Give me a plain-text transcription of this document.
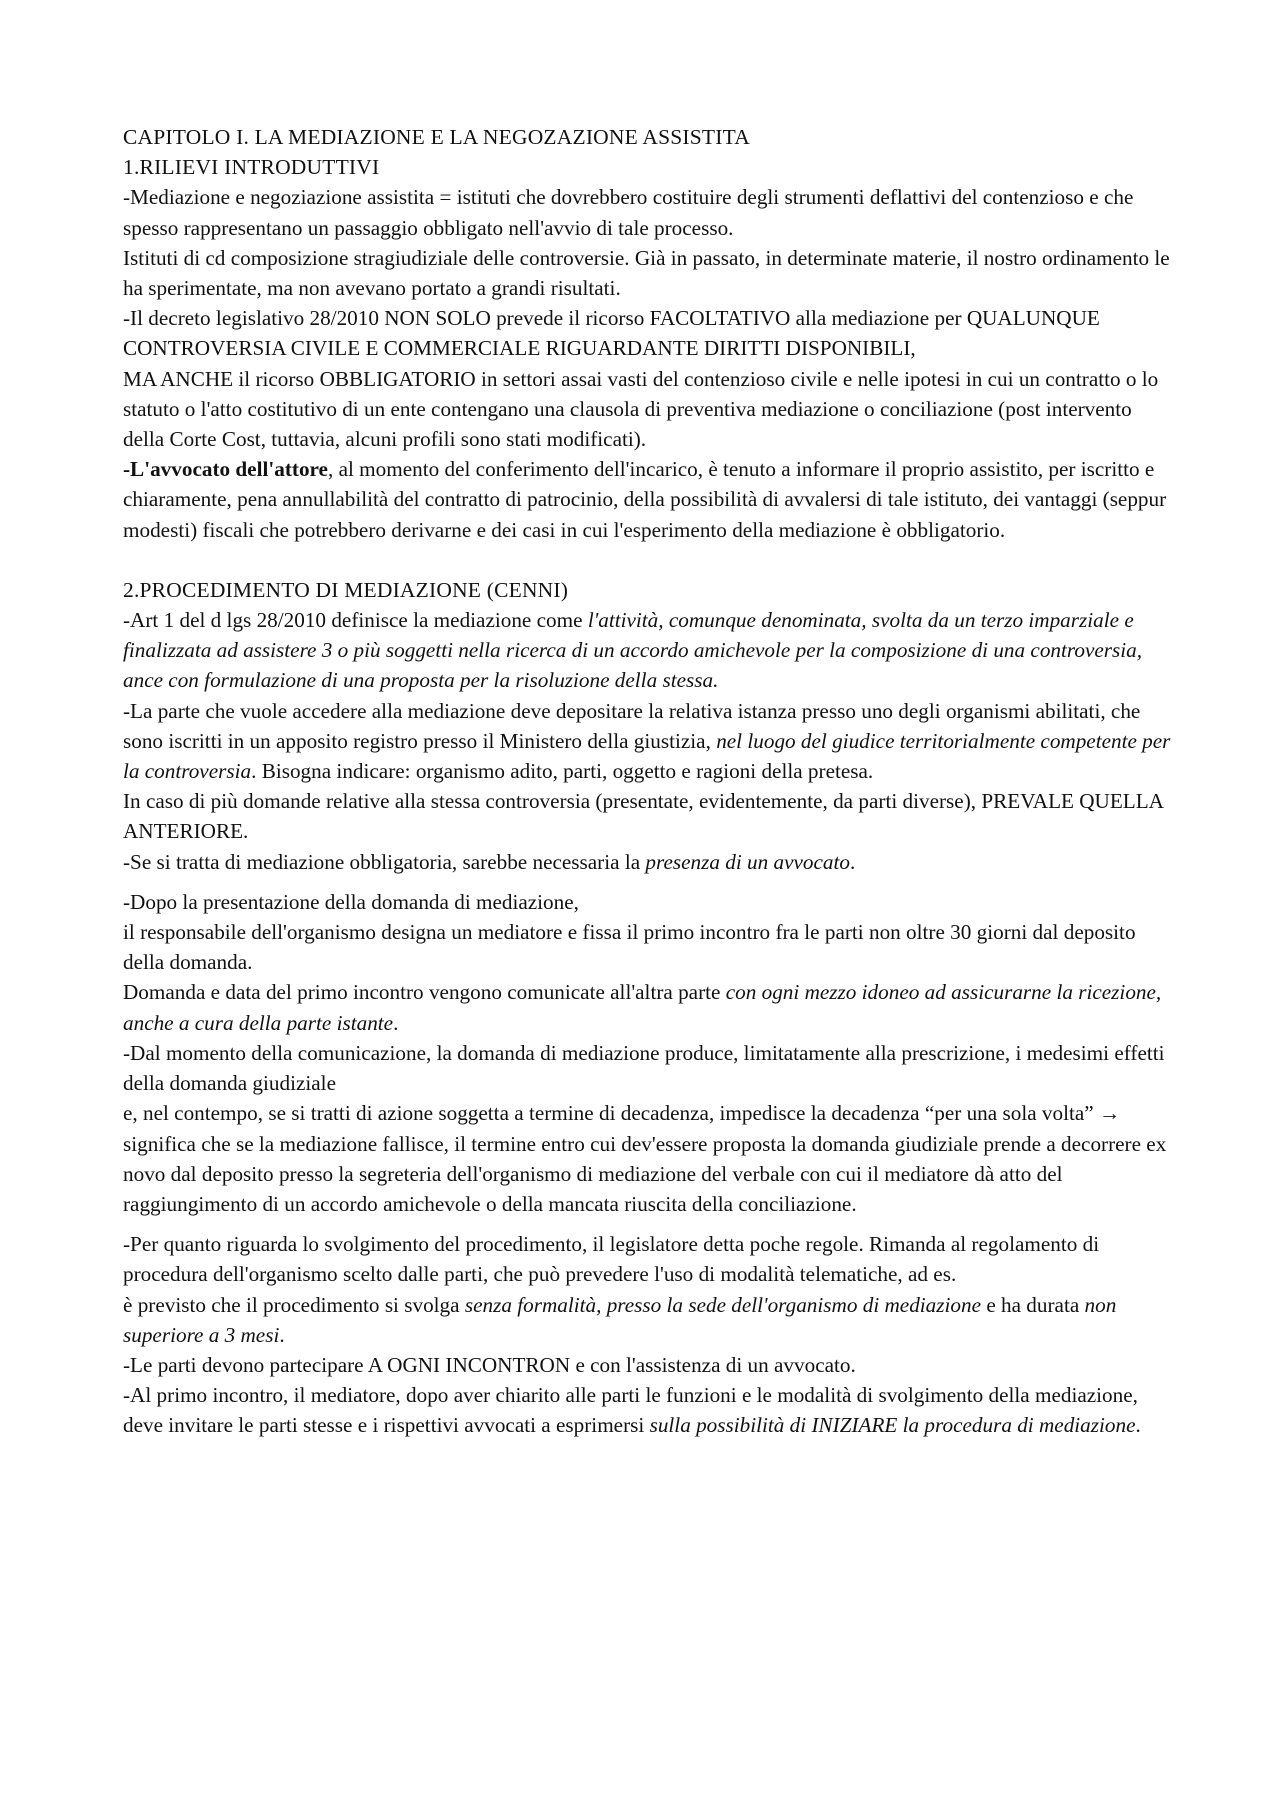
CAPITOLO I. LA MEDIAZIONE E LA NEGOZAZIONE ASSISTITA

1.RILIEVI INTRODUTTIVI

-Mediazione e negoziazione assistita = istituti che dovrebbero costituire degli strumenti deflattivi del contenzioso e che spesso rappresentano un passaggio obbligato nell'avvio di tale processo.

Istituti di cd composizione stragiudiziale delle controversie. Già in passato, in determinate materie, il nostro ordinamento le ha sperimentate, ma non avevano portato a grandi risultati.

-Il decreto legislativo 28/2010 NON SOLO prevede il ricorso FACOLTATIVO alla mediazione per QUALUNQUE CONTROVERSIA CIVILE E COMMERCIALE RIGUARDANTE DIRITTI DISPONIBILI,

MA ANCHE il ricorso OBBLIGATORIO in settori assai vasti del contenzioso civile e nelle ipotesi in cui un contratto o lo statuto o l'atto costitutivo di un ente contengano una clausola di preventiva mediazione o conciliazione (post intervento della Corte Cost, tuttavia, alcuni profili sono stati modificati).

-L'avvocato dell'attore, al momento del conferimento dell'incarico, è tenuto a informare il proprio assistito, per iscritto e chiaramente, pena annullabilità del contratto di patrocinio, della possibilità di avvalersi di tale istituto, dei vantaggi (seppur modesti) fiscali che potrebbero derivarne e dei casi in cui l'esperimento della mediazione è obbligatorio.

2.PROCEDIMENTO DI MEDIAZIONE (CENNI)

-Art 1 del d lgs 28/2010 definisce la mediazione come l'attività, comunque denominata, svolta da un terzo imparziale e finalizzata ad assistere 3 o più soggetti nella ricerca di un accordo amichevole per la composizione di una controversia, ance con formulazione di una proposta per la risoluzione della stessa.

-La parte che vuole accedere alla mediazione deve depositare la relativa istanza presso uno degli organismi abilitati, che sono iscritti in un apposito registro presso il Ministero della giustizia, nel luogo del giudice territorialmente competente per la controversia. Bisogna indicare: organismo adito, parti, oggetto e ragioni della pretesa.

In caso di più domande relative alla stessa controversia (presentate, evidentemente, da parti diverse), PREVALE QUELLA ANTERIORE.

-Se si tratta di mediazione obbligatoria, sarebbe necessaria la presenza di un avvocato.

-Dopo la presentazione della domanda di mediazione,

il responsabile dell'organismo designa un mediatore e fissa il primo incontro fra le parti non oltre 30 giorni dal deposito della domanda.

Domanda e data del primo incontro vengono comunicate all'altra parte con ogni mezzo idoneo ad assicurarne la ricezione, anche a cura della parte istante.

-Dal momento della comunicazione, la domanda di mediazione produce, limitatamente alla prescrizione, i medesimi effetti della domanda giudiziale

e, nel contempo, se si tratti di azione soggetta a termine di decadenza, impedisce la decadenza “per una sola volta” → significa che se la mediazione fallisce, il termine entro cui dev'essere proposta la domanda giudiziale prende a decorrere ex novo dal deposito presso la segreteria dell'organismo di mediazione del verbale con cui il mediatore dà atto del raggiungimento di un accordo amichevole o della mancata riuscita della conciliazione.

-Per quanto riguarda lo svolgimento del procedimento, il legislatore detta poche regole. Rimanda al regolamento di procedura dell'organismo scelto dalle parti, che può prevedere l'uso di modalità telematiche, ad es.

è previsto che il procedimento si svolga senza formalità, presso la sede dell'organismo di mediazione e ha durata non superiore a 3 mesi.

-Le parti devono partecipare A OGNI INCONTRON e con l'assistenza di un avvocato.

-Al primo incontro, il mediatore, dopo aver chiarito alle parti le funzioni e le modalità di svolgimento della mediazione, deve invitare le parti stesse e i rispettivi avvocati a esprimersi sulla possibilità di INIZIARE la procedura di mediazione.
